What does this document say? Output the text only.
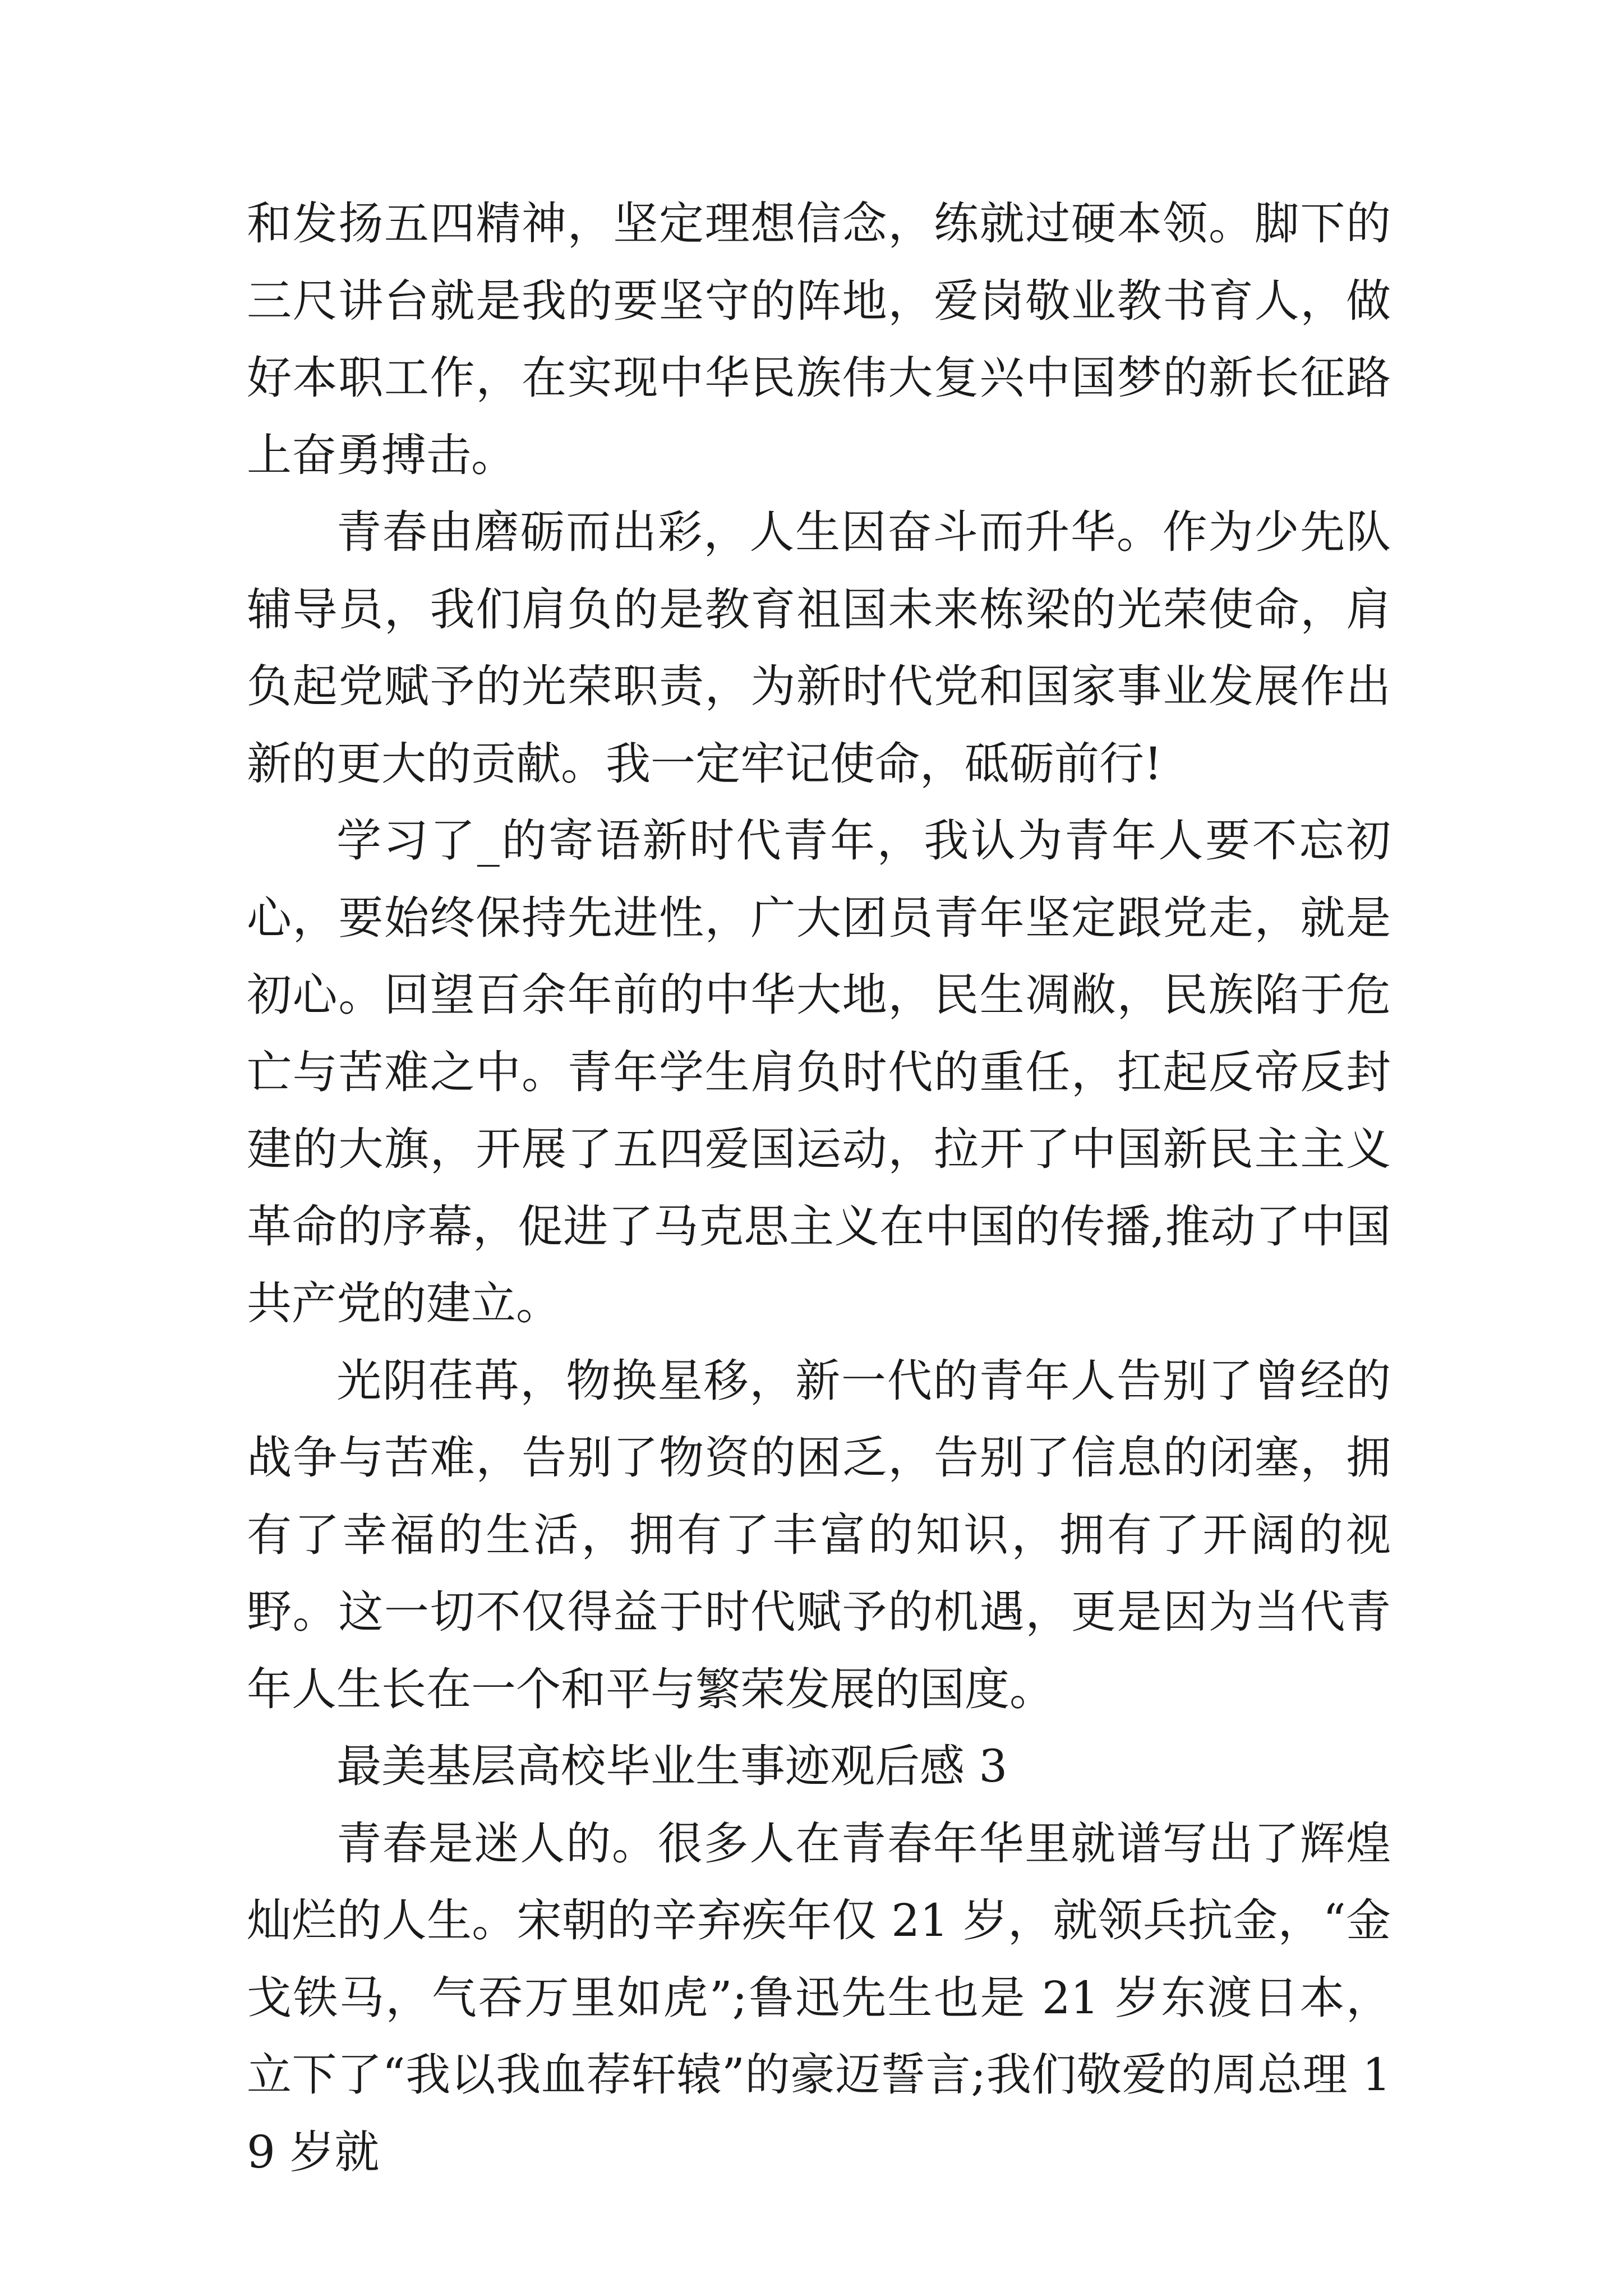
和发扬五四精神，坚定理想信念，练就过硬本领。脚下的三尺讲台就是我的要坚守的阵地，爱岗敬业教书育人，做好本职工作，在实现中华民族伟大复兴中国梦的新长征路上奋勇搏击。

青春由磨砺而出彩，人生因奋斗而升华。作为少先队辅导员，我们肩负的是教育祖国未来栋梁的光荣使命，肩负起党赋予的光荣职责，为新时代党和国家事业发展作出新的更大的贡献。我一定牢记使命，砥砺前行!

学习了_的寄语新时代青年，我认为青年人要不忘初心，要始终保持先进性，广大团员青年坚定跟党走，就是初心。回望百余年前的中华大地，民生凋敝，民族陷于危亡与苦难之中。青年学生肩负时代的重任，扛起反帝反封建的大旗，开展了五四爱国运动，拉开了中国新民主主义革命的序幕，促进了马克思主义在中国的传播,推动了中国共产党的建立。

光阴荏苒，物换星移，新一代的青年人告别了曾经的战争与苦难，告别了物资的困乏，告别了信息的闭塞，拥有了幸福的生活，拥有了丰富的知识，拥有了开阔的视野。这一切不仅得益于时代赋予的机遇，更是因为当代青年人生长在一个和平与繁荣发展的国度。

最美基层高校毕业生事迹观后感 3

青春是迷人的。很多人在青春年华里就谱写出了辉煌灿烂的人生。宋朝的辛弃疾年仅 21 岁，就领兵抗金，“金戈铁马，气吞万里如虎”;鲁迅先生也是 21 岁东渡日本，立下了“我以我血荐轩辕”的豪迈誓言;我们敬爱的周总理 19 岁就
